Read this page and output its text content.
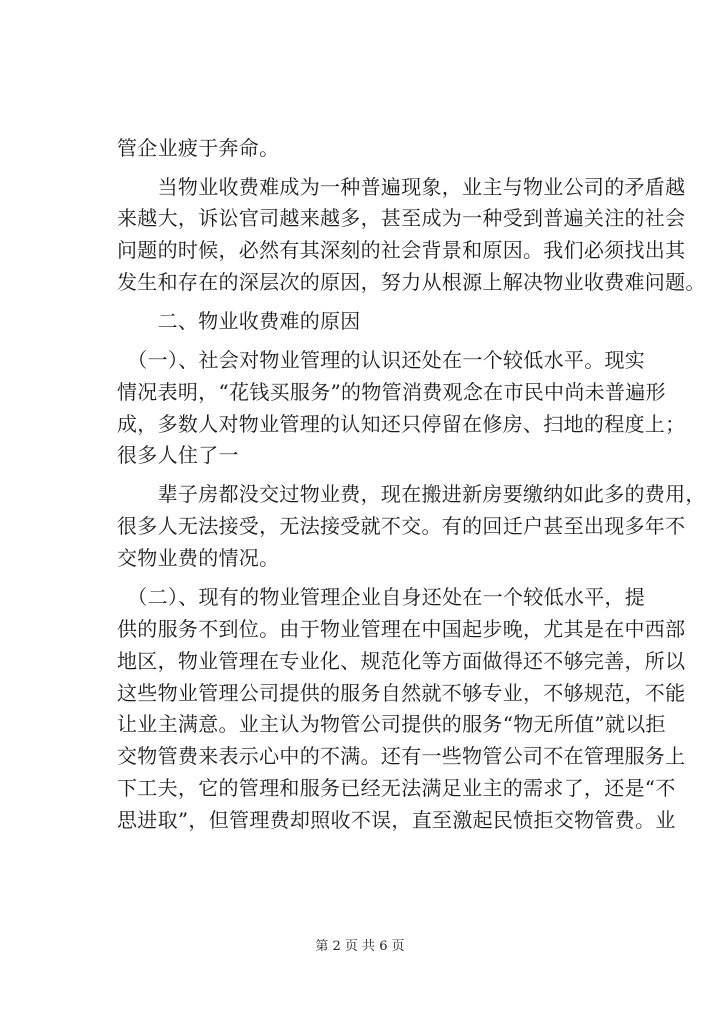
管企业疲于奔命。
　　当物业收费难成为一种普遍现象，业主与物业公司的矛盾越
来越大，诉讼官司越来越多，甚至成为一种受到普遍关注的社会
问题的时候，必然有其深刻的社会背景和原因。我们必须找出其
发生和存在的深层次的原因，努力从根源上解决物业收费难问题。
　　二、物业收费难的原因
　（一）、社会对物业管理的认识还处在一个较低水平。现实
情况表明，“花钱买服务”的物管消费观念在市民中尚未普遍形
成，多数人对物业管理的认知还只停留在修房、扫地的程度上；
很多人住了一
　　辈子房都没交过物业费，现在搬进新房要缴纳如此多的费用，
很多人无法接受，无法接受就不交。有的回迁户甚至出现多年不
交物业费的情况。
　（二）、现有的物业管理企业自身还处在一个较低水平，提
供的服务不到位。由于物业管理在中国起步晚，尤其是在中西部
地区，物业管理在专业化、规范化等方面做得还不够完善，所以
这些物业管理公司提供的服务自然就不够专业，不够规范，不能
让业主满意。业主认为物管公司提供的服务“物无所值”就以拒
交物管费来表示心中的不满。还有一些物管公司不在管理服务上
下工夫，它的管理和服务已经无法满足业主的需求了，还是“不
思进取”，但管理费却照收不误，直至激起民愤拒交物管费。业
第 2 页 共 6 页
